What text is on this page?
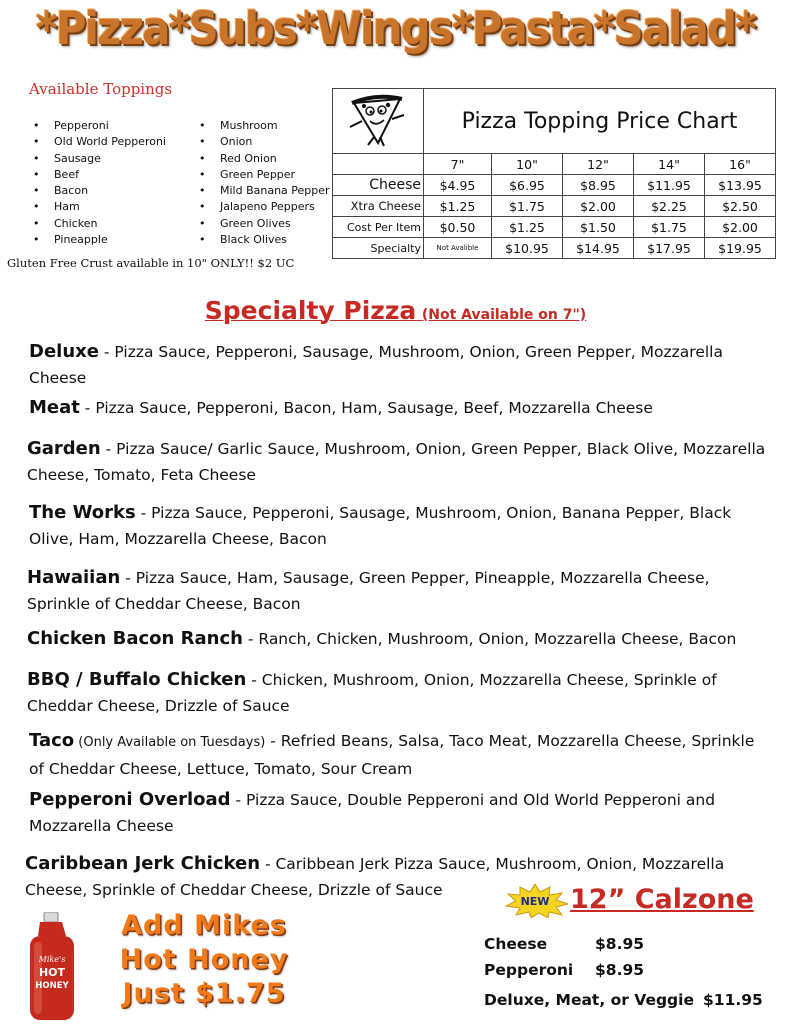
*Pizza*Subs*Wings*Pasta*Salad*
Available Toppings
• Pepperoni
• Old World Pepperoni
• Sausage
• Beef
• Bacon
• Ham
• Chicken
• Pineapple
• Mushroom
• Onion
• Red Onion
• Green Pepper
• Mild Banana Pepper
• Jalapeno Peppers
• Green Olives
• Black Olives
Gluten Free Crust available in 10" ONLY!! $2 UC
	Pizza Topping Price Chart				
	7"	10"	12"	14"	16"
Cheese	$4.95	$6.95	$8.95	$11.95	$13.95
Xtra Cheese	$1.25	$1.75	$2.00	$2.25	$2.50
Cost Per Item	$0.50	$1.25	$1.50	$1.75	$2.00
Specialty	Not Avalible	$10.95	$14.95	$17.95	$19.95
Specialty Pizza (Not Available on 7")
Deluxe - Pizza Sauce, Pepperoni, Sausage, Mushroom, Onion, Green Pepper, Mozzarella Cheese
Meat - Pizza Sauce, Pepperoni, Bacon, Ham, Sausage, Beef, Mozzarella Cheese
Garden - Pizza Sauce/ Garlic Sauce, Mushroom, Onion, Green Pepper, Black Olive, Mozzarella Cheese, Tomato, Feta Cheese
The Works - Pizza Sauce, Pepperoni, Sausage, Mushroom, Onion, Banana Pepper, Black Olive, Ham, Mozzarella Cheese, Bacon
Hawaiian - Pizza Sauce, Ham, Sausage, Green Pepper, Pineapple, Mozzarella Cheese, Sprinkle of Cheddar Cheese, Bacon
Chicken Bacon Ranch - Ranch, Chicken, Mushroom, Onion, Mozzarella Cheese, Bacon
BBQ / Buffalo Chicken - Chicken, Mushroom, Onion, Mozzarella Cheese, Sprinkle of Cheddar Cheese, Drizzle of Sauce
Taco (Only Available on Tuesdays) - Refried Beans, Salsa, Taco Meat, Mozzarella Cheese, Sprinkle of Cheddar Cheese, Lettuce, Tomato, Sour Cream
Pepperoni Overload - Pizza Sauce, Double Pepperoni and Old World Pepperoni and Mozzarella Cheese
Caribbean Jerk Chicken - Caribbean Jerk Pizza Sauce, Mushroom, Onion, Mozzarella Cheese, Sprinkle of Cheddar Cheese, Drizzle of Sauce
Mike's
HOT
HONEY
Add Mikes
Hot Honey
Just $1.75
NEW 12” Calzone
Cheese	$8.95
Pepperoni $8.95
Deluxe, Meat, or Veggie $11.95
